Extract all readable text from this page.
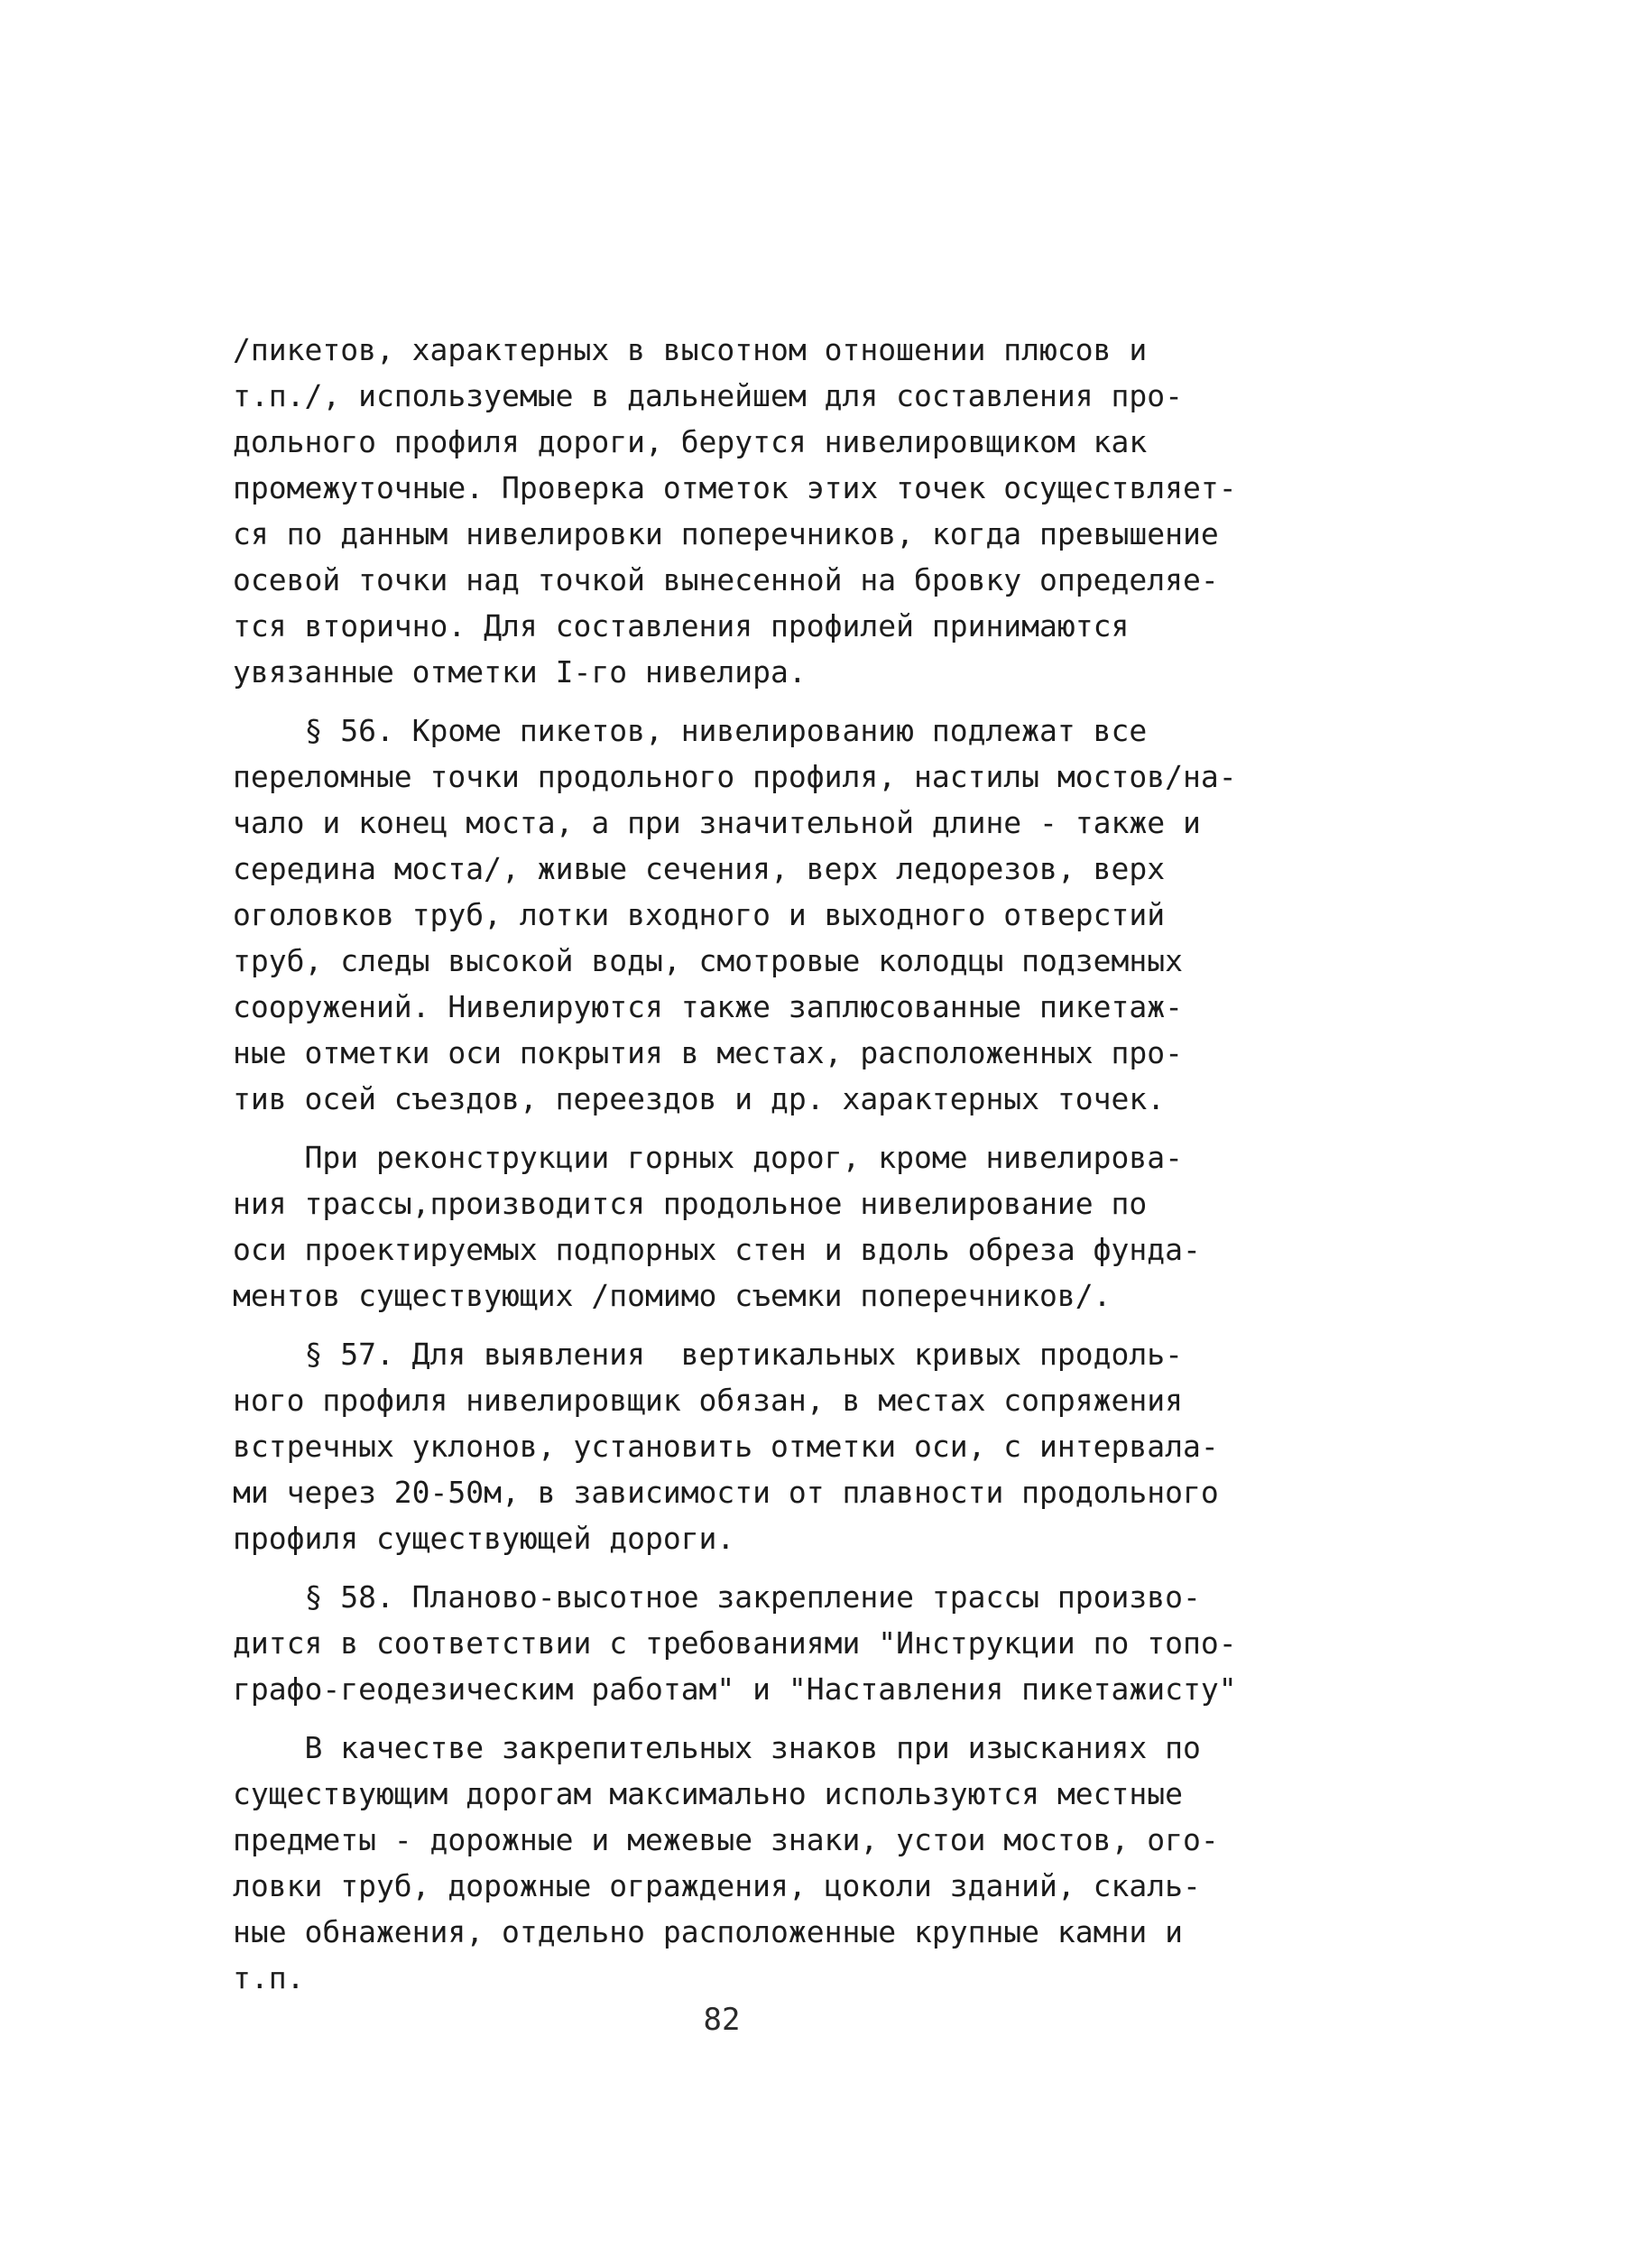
/пикетов, характерных в высотном отношении плюсов и
т.п./, используемые в дальнейшем для составления про-
дольного профиля дороги, берутся нивелировщиком как
промежуточные. Проверка отметок этих точек осуществляет-
ся по данным нивелировки поперечников, когда превышение
осевой точки над точкой вынесенной на бровку определяе-
тся вторично. Для составления профилей принимаются
увязанные отметки I-го нивелира.
§ 56. Кроме пикетов, нивелированию подлежат все
переломные точки продольного профиля, настилы мостов/на-
чало и конец моста, а при значительной длине - также и
середина моста/, живые сечения, верх ледорезов, верх
оголовков труб, лотки входного и выходного отверстий
труб, следы высокой воды, смотровые колодцы подземных
сооружений. Нивелируются также заплюсованные пикетаж-
ные отметки оси покрытия в местах, расположенных про-
тив осей съездов, переездов и др. характерных точек.
При реконструкции горных дорог, кроме нивелирова-
ния трассы,производится продольное нивелирование по
оси проектируемых подпорных стен и вдоль обреза фунда-
ментов существующих /помимо съемки поперечников/.
§ 57. Для выявления  вертикальных кривых продоль-
ного профиля нивелировщик обязан, в местах сопряжения
встречных уклонов, установить отметки оси, с интервала-
ми через 20-50м, в зависимости от плавности продольного
профиля существующей дороги.
§ 58. Планово-высотное закрепление трассы произво-
дится в соответствии с требованиями "Инструкции по топо-
графо-геодезическим работам" и "Наставления пикетажисту"
В качестве закрепительных знаков при изысканиях по
существующим дорогам максимально используются местные
предметы - дорожные и межевые знаки, устои мостов, ого-
ловки труб, дорожные ограждения, цоколи зданий, скаль-
ные обнажения, отдельно расположенные крупные камни и
т.п.
82
